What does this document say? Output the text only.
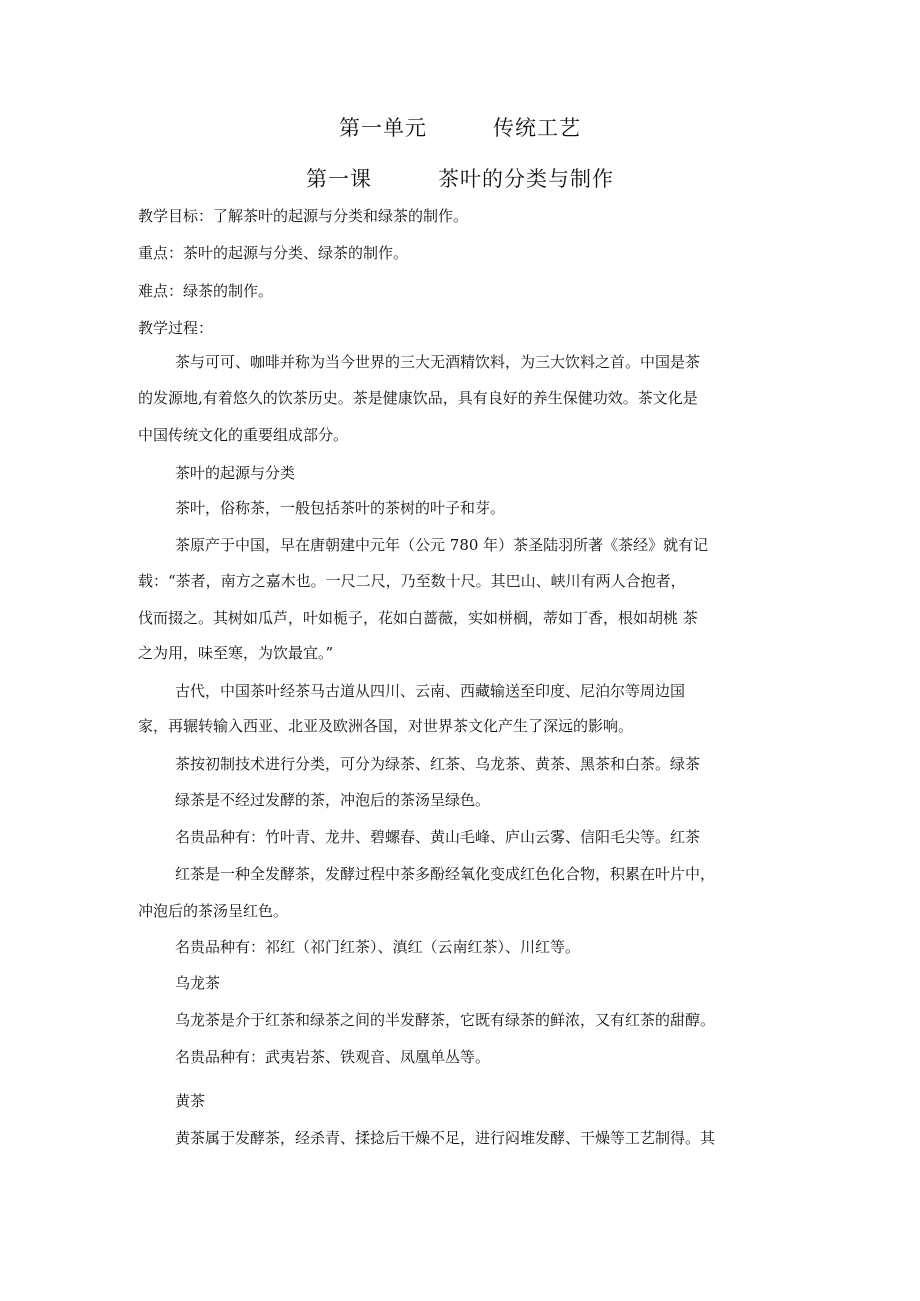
第一单元　　　传统工艺
第一课　　　茶叶的分类与制作
教学目标：了解茶叶的起源与分类和绿茶的制作。
重点：茶叶的起源与分类、绿茶的制作。
难点：绿茶的制作。
教学过程：
茶与可可、咖啡并称为当今世界的三大无酒精饮料，为三大饮料之首。中国是茶
的发源地,有着悠久的饮茶历史。茶是健康饮品，具有良好的养生保健功效。茶文化是
中国传统文化的重要组成部分。
茶叶的起源与分类
茶叶，俗称茶，一般包括茶叶的茶树的叶子和芽。
茶原产于中国，早在唐朝建中元年（公元 780 年）茶圣陆羽所著《茶经》就有记
载：“茶者，南方之嘉木也。一尺二尺，乃至数十尺。其巴山、峡川有两人合抱者，
伐而掇之。其树如瓜芦，叶如栀子，花如白蔷薇，实如栟榈，蒂如丁香，根如胡桃 茶
之为用，味至寒，为饮最宜。”
古代，中国茶叶经茶马古道从四川、云南、西藏输送至印度、尼泊尔等周边国
家，再辗转输入西亚、北亚及欧洲各国，对世界茶文化产生了深远的影响。
茶按初制技术进行分类，可分为绿茶、红茶、乌龙茶、黄茶、黑茶和白茶。绿茶
绿茶是不经过发酵的茶，冲泡后的茶汤呈绿色。
名贵品种有：竹叶青、龙井、碧螺春、黄山毛峰、庐山云雾、信阳毛尖等。红茶
红茶是一种全发酵茶，发酵过程中茶多酚经氧化变成红色化合物，积累在叶片中，
冲泡后的茶汤呈红色。
名贵品种有：祁红（祁门红茶）、滇红（云南红茶）、川红等。
乌龙茶
乌龙茶是介于红茶和绿茶之间的半发酵茶，它既有绿茶的鲜浓，又有红茶的甜醇。
名贵品种有：武夷岩茶、铁观音、凤凰单丛等。
黄茶
黄茶属于发酵茶，经杀青、揉捻后干燥不足，进行闷堆发酵、干燥等工艺制得。其
